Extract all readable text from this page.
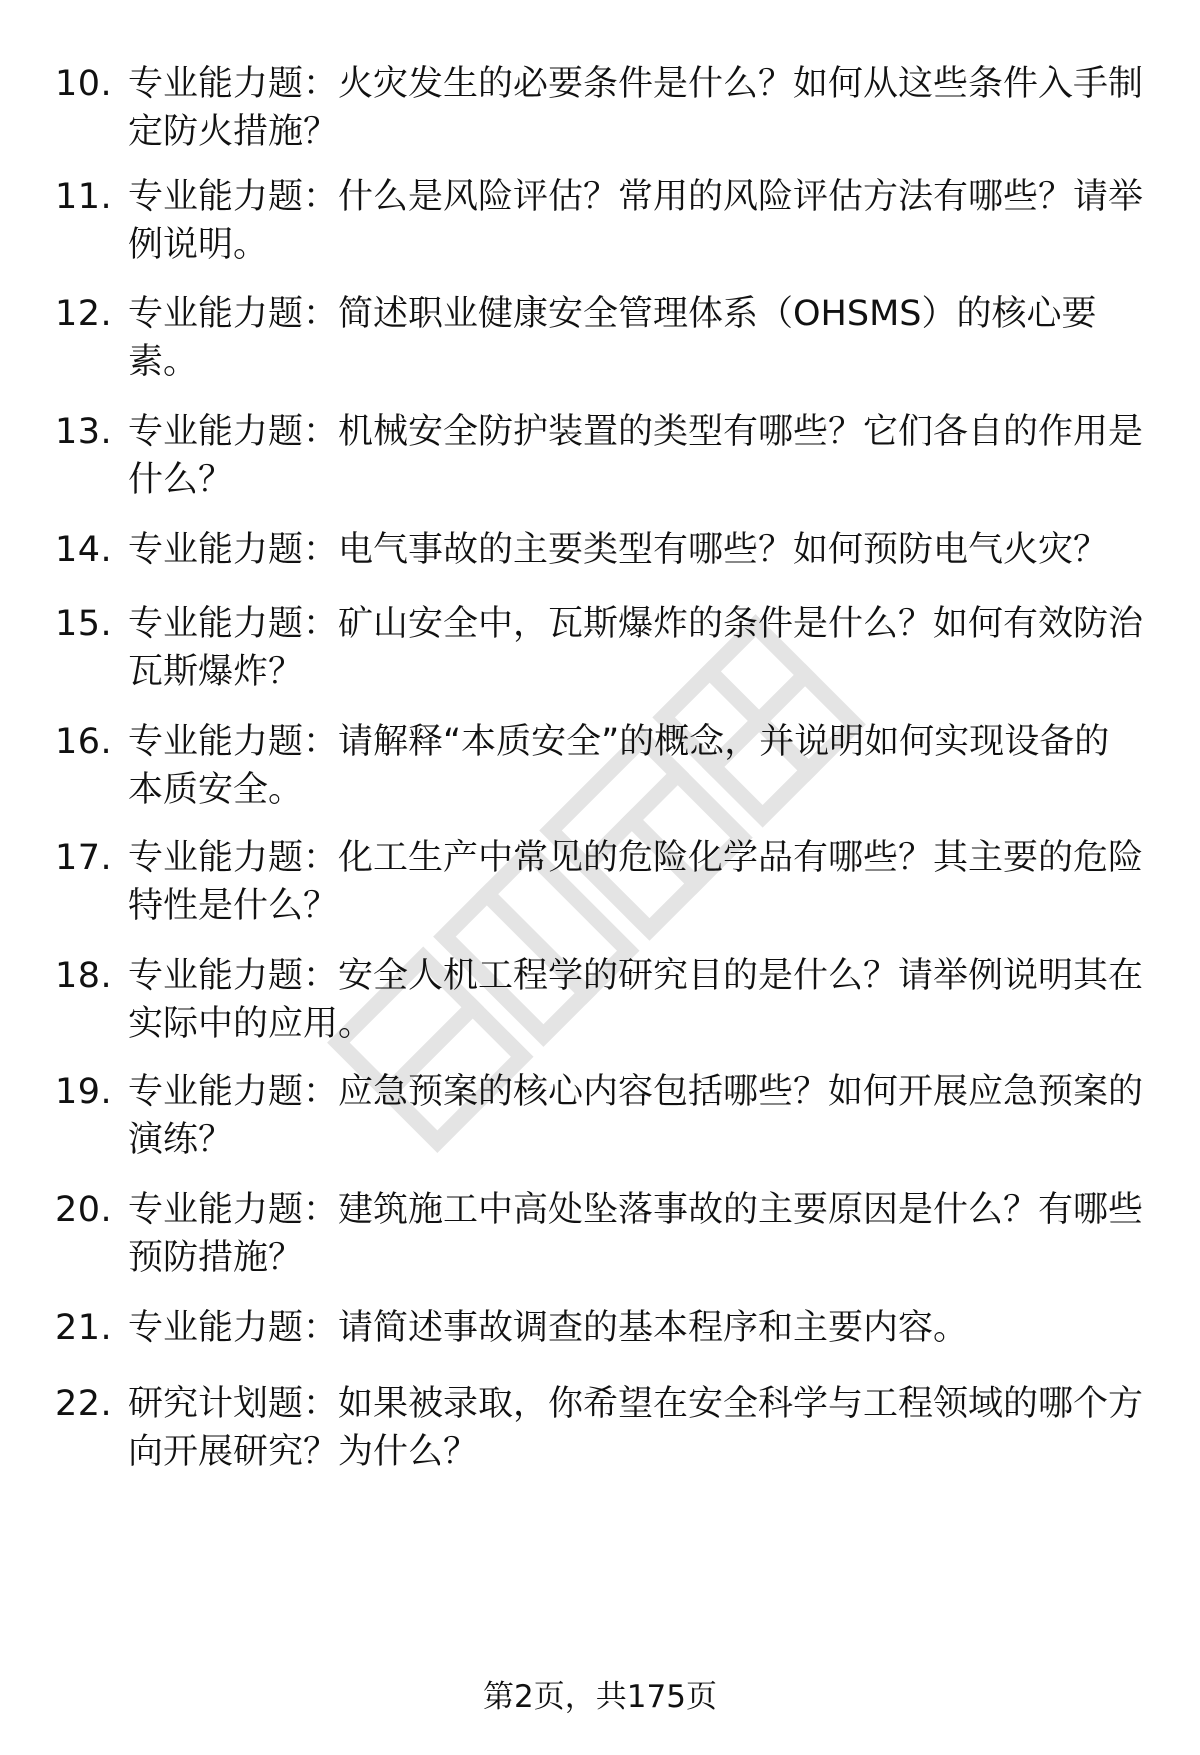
10. 专业能力题：火灾发生的必要条件是什么？如何从这些条件入手制定防火措施？
11. 专业能力题：什么是风险评估？常用的风险评估方法有哪些？请举例说明。
12. 专业能力题：简述职业健康安全管理体系（OHSMS）的核心要素。
13. 专业能力题：机械安全防护装置的类型有哪些？它们各自的作用是什么？
14. 专业能力题：电气事故的主要类型有哪些？如何预防电气火灾？
15. 专业能力题：矿山安全中，瓦斯爆炸的条件是什么？如何有效防治瓦斯爆炸？
16. 专业能力题：请解释“本质安全”的概念，并说明如何实现设备的本质安全。
17. 专业能力题：化工生产中常见的危险化学品有哪些？其主要的危险特性是什么？
18. 专业能力题：安全人机工程学的研究目的是什么？请举例说明其在实际中的应用。
19. 专业能力题：应急预案的核心内容包括哪些？如何开展应急预案的演练？
20. 专业能力题：建筑施工中高处坠落事故的主要原因是什么？有哪些预防措施？
21. 专业能力题：请简述事故调查的基本程序和主要内容。
22. 研究计划题：如果被录取，你希望在安全科学与工程领域的哪个方向开展研究？为什么？
第2页，共175页
